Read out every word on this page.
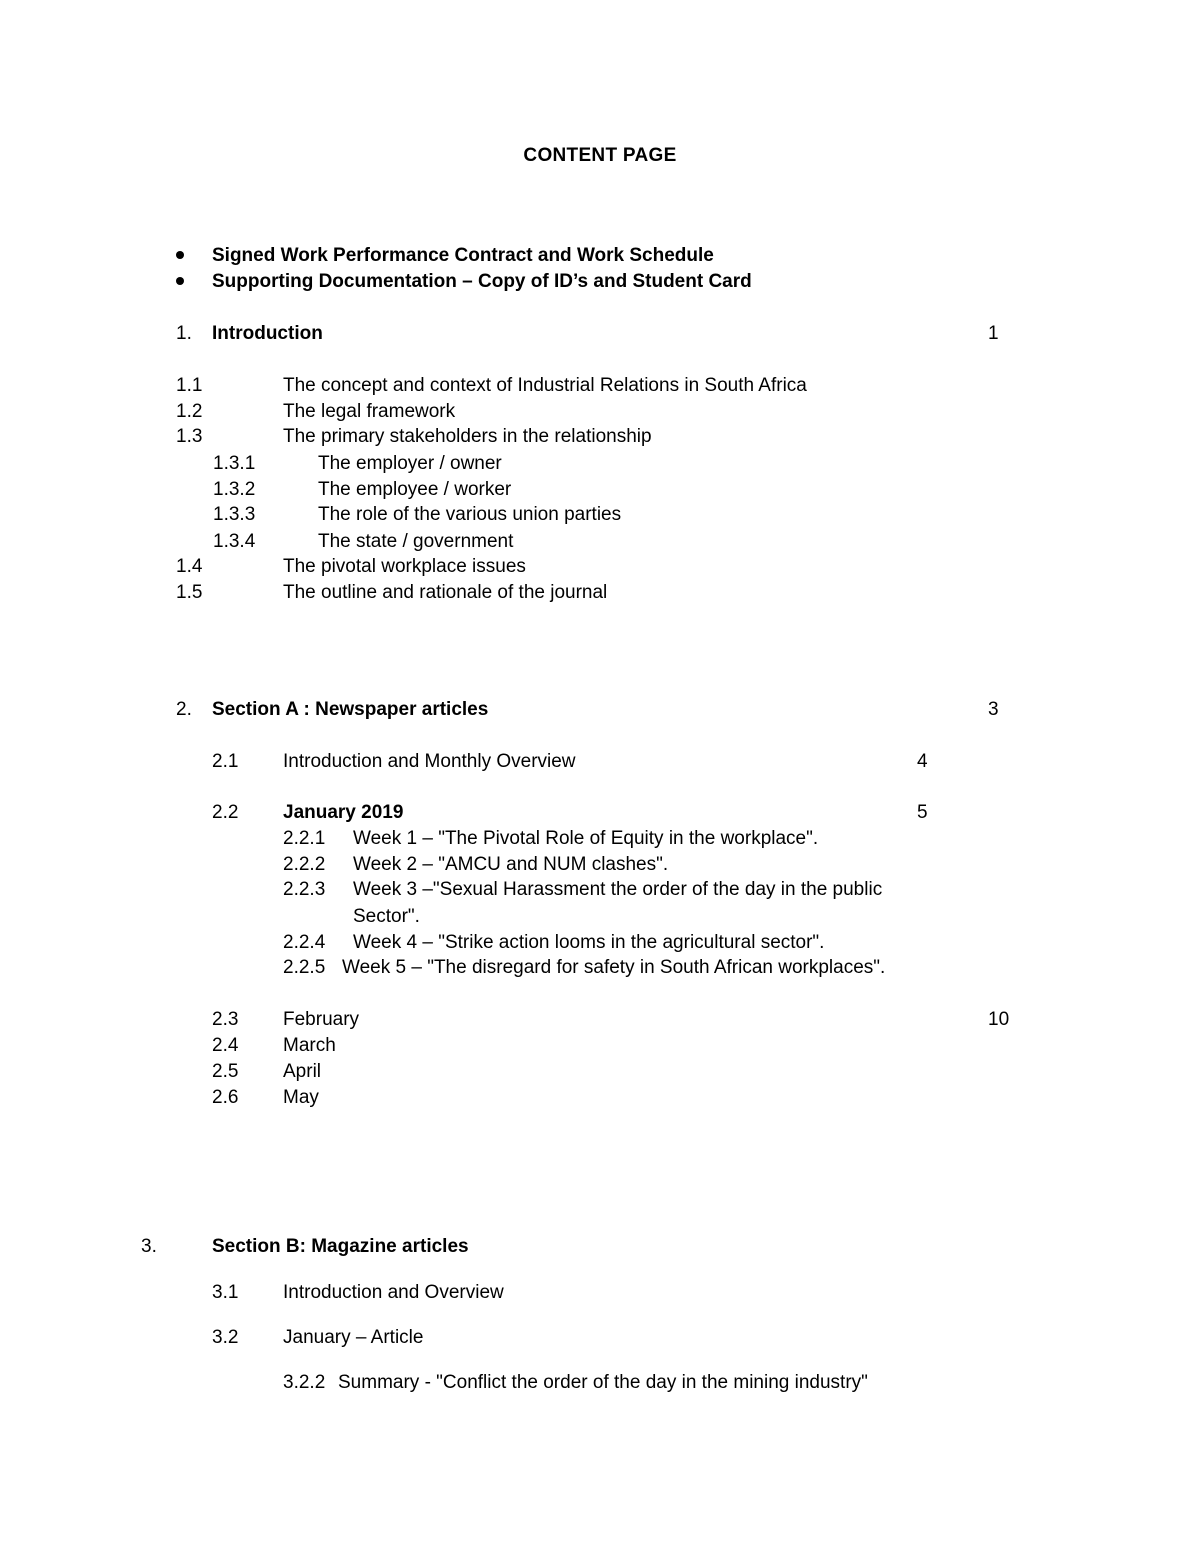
CONTENT PAGE
Signed Work Performance Contract and Work Schedule
Supporting Documentation – Copy of ID’s and Student Card
1. Introduction	1
1.1	The concept and context of Industrial Relations in South Africa
1.2	The legal framework
1.3	The primary stakeholders in the relationship
1.3.1	The employer / owner
1.3.2	The employee / worker
1.3.3	The role of the various union parties
1.3.4	The state / government
1.4	The pivotal workplace issues
1.5	The outline and rationale of the journal
2. Section A : Newspaper articles	3
2.1 Introduction and Monthly Overview	4
2.2 January 2019	5
2.2.1 Week 1 – "The Pivotal Role of Equity in the workplace".
2.2.2 Week 2 – "AMCU and NUM clashes".
2.2.3 Week 3 –"Sexual Harassment the order of the day in the public
Sector".
2.2.4 Week 4 – "Strike action looms in the agricultural sector".
2.2.5 Week 5 – "The disregard for safety in South African workplaces".
2.3 February	10
2.4 March
2.5 April
2.6 May
3.	Section B: Magazine articles
3.1 Introduction and Overview
3.2 January – Article
3.2.2 Summary - "Conflict the order of the day in the mining industry"
